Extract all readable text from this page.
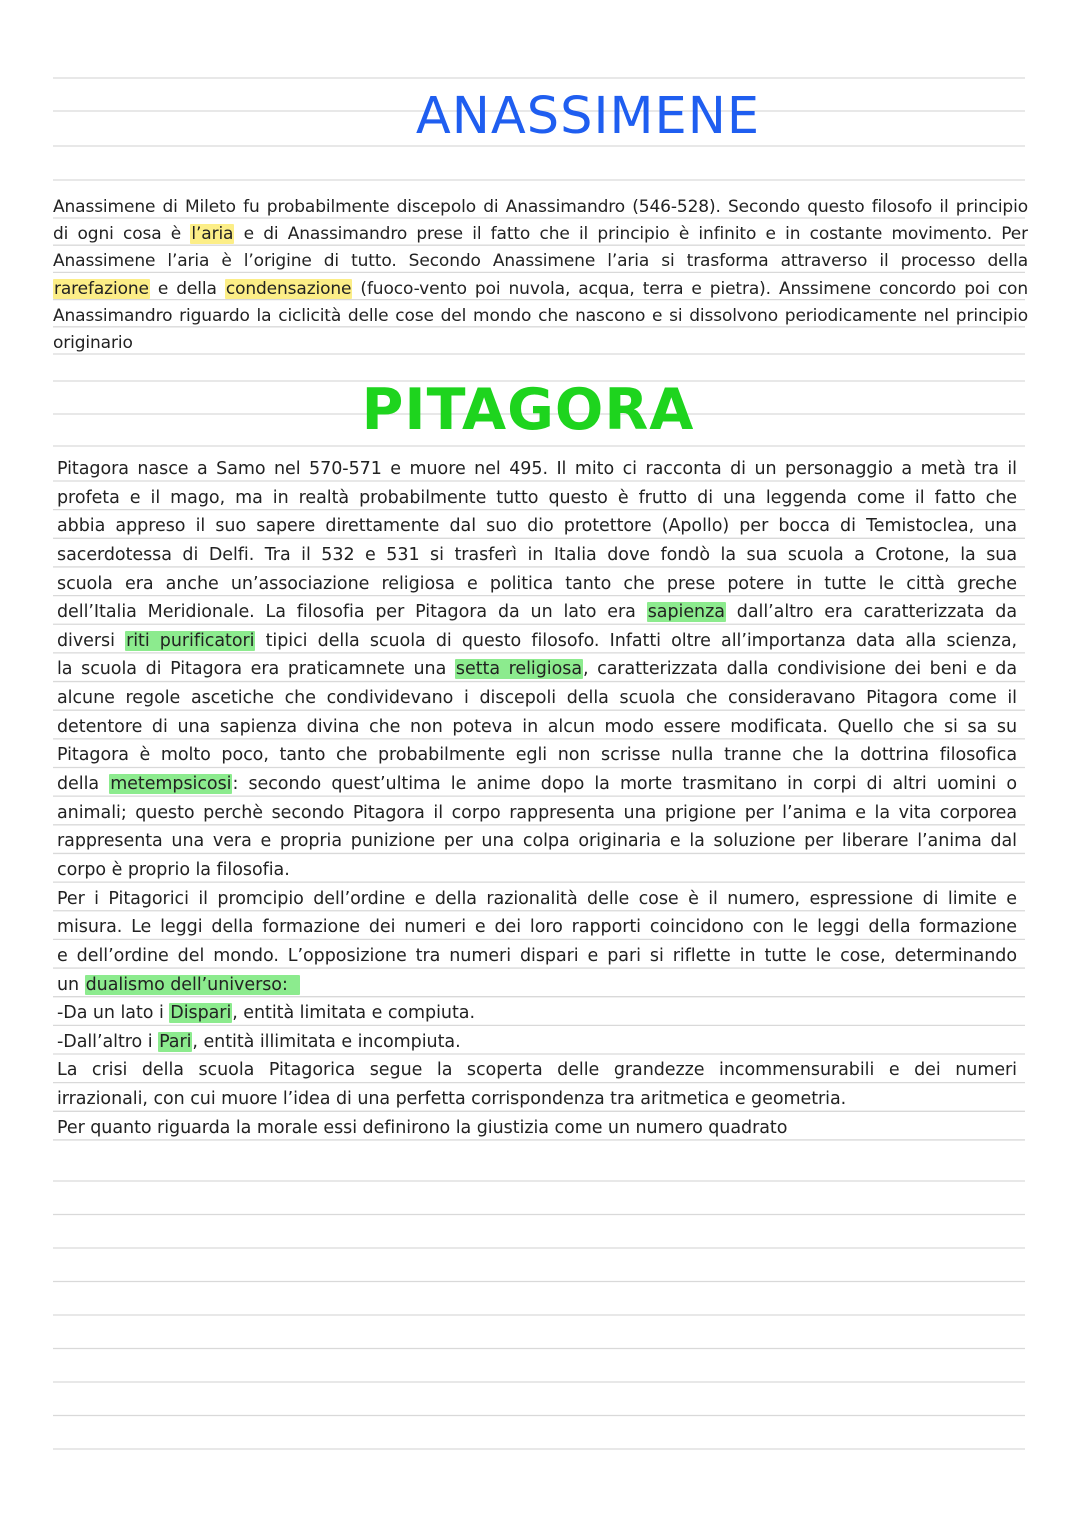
ANASSIMENE
Anassimene di Mileto fu probabilmente discepolo di Anassimandro (546-528). Secondo questo filosofo il principio
di ogni cosa è l’aria e di Anassimandro prese il fatto che il principio è infinito e in costante movimento. Per
Anassimene l’aria è l’origine di tutto. Secondo Anassimene l’aria si trasforma attraverso il processo della
rarefazione e della condensazione (fuoco-vento poi nuvola, acqua, terra e pietra). Anssimene concordo poi con
Anassimandro riguardo la ciclicità delle cose del mondo che nascono e si dissolvono periodicamente nel principio
originario
PITAGORA
Pitagora nasce a Samo nel 570-571 e muore nel 495. Il mito ci racconta di un personaggio a metà tra il
profeta e il mago, ma in realtà probabilmente tutto questo è frutto di una leggenda come il fatto che
abbia appreso il suo sapere direttamente dal suo dio protettore (Apollo) per bocca di Temistoclea, una
sacerdotessa di Delfi. Tra il 532 e 531 si trasferì in Italia dove fondò la sua scuola a Crotone, la sua
scuola era anche un’associazione religiosa e politica tanto che prese potere in tutte le città greche
dell’Italia Meridionale. La filosofia per Pitagora da un lato era sapienza dall’altro era caratterizzata da
diversi riti purificatori tipici della scuola di questo filosofo. Infatti oltre all’importanza data alla scienza,
la scuola di Pitagora era praticamnete una setta religiosa, caratterizzata dalla condivisione dei beni e da
alcune regole ascetiche che condividevano i discepoli della scuola che consideravano Pitagora come il
detentore di una sapienza divina che non poteva in alcun modo essere modificata. Quello che si sa su
Pitagora è molto poco, tanto che probabilmente egli non scrisse nulla tranne che la dottrina filosofica
della metempsicosi: secondo quest’ultima le anime dopo la morte trasmitano in corpi di altri uomini o
animali; questo perchè secondo Pitagora il corpo rappresenta una prigione per l’anima e la vita corporea
rappresenta una vera e propria punizione per una colpa originaria e la soluzione per liberare l’anima dal
corpo è proprio la filosofia.
Per i Pitagorici il promcipio dell’ordine e della razionalità delle cose è il numero, espressione di limite e
misura. Le leggi della formazione dei numeri e dei loro rapporti coincidono con le leggi della formazione
e dell’ordine del mondo. L’opposizione tra numeri dispari e pari si riflette in tutte le cose, determinando
un dualismo dell’universo:
-Da un lato i Dispari, entità limitata e compiuta.
-Dall’altro i Pari, entità illimitata e incompiuta.
La crisi della scuola Pitagorica segue la scoperta delle grandezze incommensurabili e dei numeri
irrazionali, con cui muore l’idea di una perfetta corrispondenza tra aritmetica e geometria.
Per quanto riguarda la morale essi definirono la giustizia come un numero quadrato
